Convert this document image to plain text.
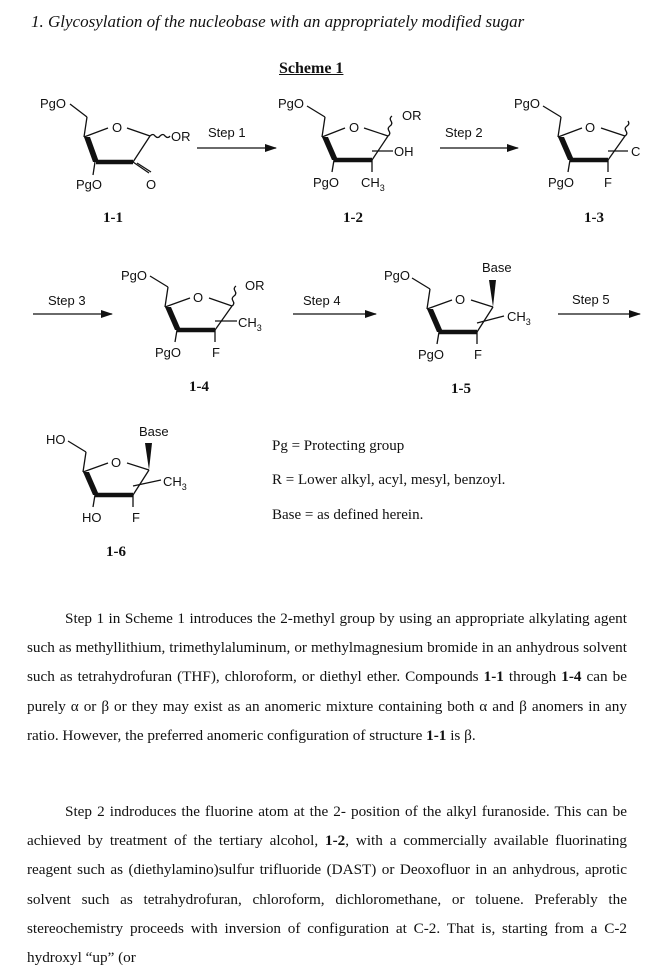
1. Glycosylation of the nucleobase with an appropriately modified sugar
Scheme 1
PgO
O
OR
PgO	O
1-1
Step 1
PgO
O
OR
OH
PgO $CH_3$
1-2
Step 2
PgO
O
C
PgO F
1-3
Step 3
PgO
O
OR
$CH_3$
PgO F
1-4
Step 4
PgO
O
Base
$CH_3$
PgO F
1-5
Step 5
HO
O
Base
$CH_3$
HO F
1-6
Pg = Protecting group
R = Lower alkyl, acyl, mesyl, benzoyl.
Base = as defined herein.

Step 1 in Scheme 1 introduces the 2-methyl group by using an appropriate alkylating agent such as methyllithium, trimethylaluminum, or methylmagnesium bromide in an anhydrous solvent such as tetrahydrofuran (THF), chloroform, or diethyl ether. Compounds 1-1 through 1-4 can be purely α or β or they may exist as an anomeric mixture containing both α and β anomers in any ratio. However, the preferred anomeric configuration of structure 1-1 is β.

Step 2 indroduces the fluorine atom at the 2- position of the alkyl furanoside. This can be achieved by treatment of the tertiary alcohol, 1-2, with a commercially available fluorinating reagent such as (diethylamino)sulfur trifluoride (DAST) or Deoxofluor in an anhydrous, aprotic solvent such as tetrahydrofuran, chloroform, dichloromethane, or toluene. Preferably the stereochemistry proceeds with inversion of configuration at C-2. That is, starting from a C-2 hydroxyl “up” (or
